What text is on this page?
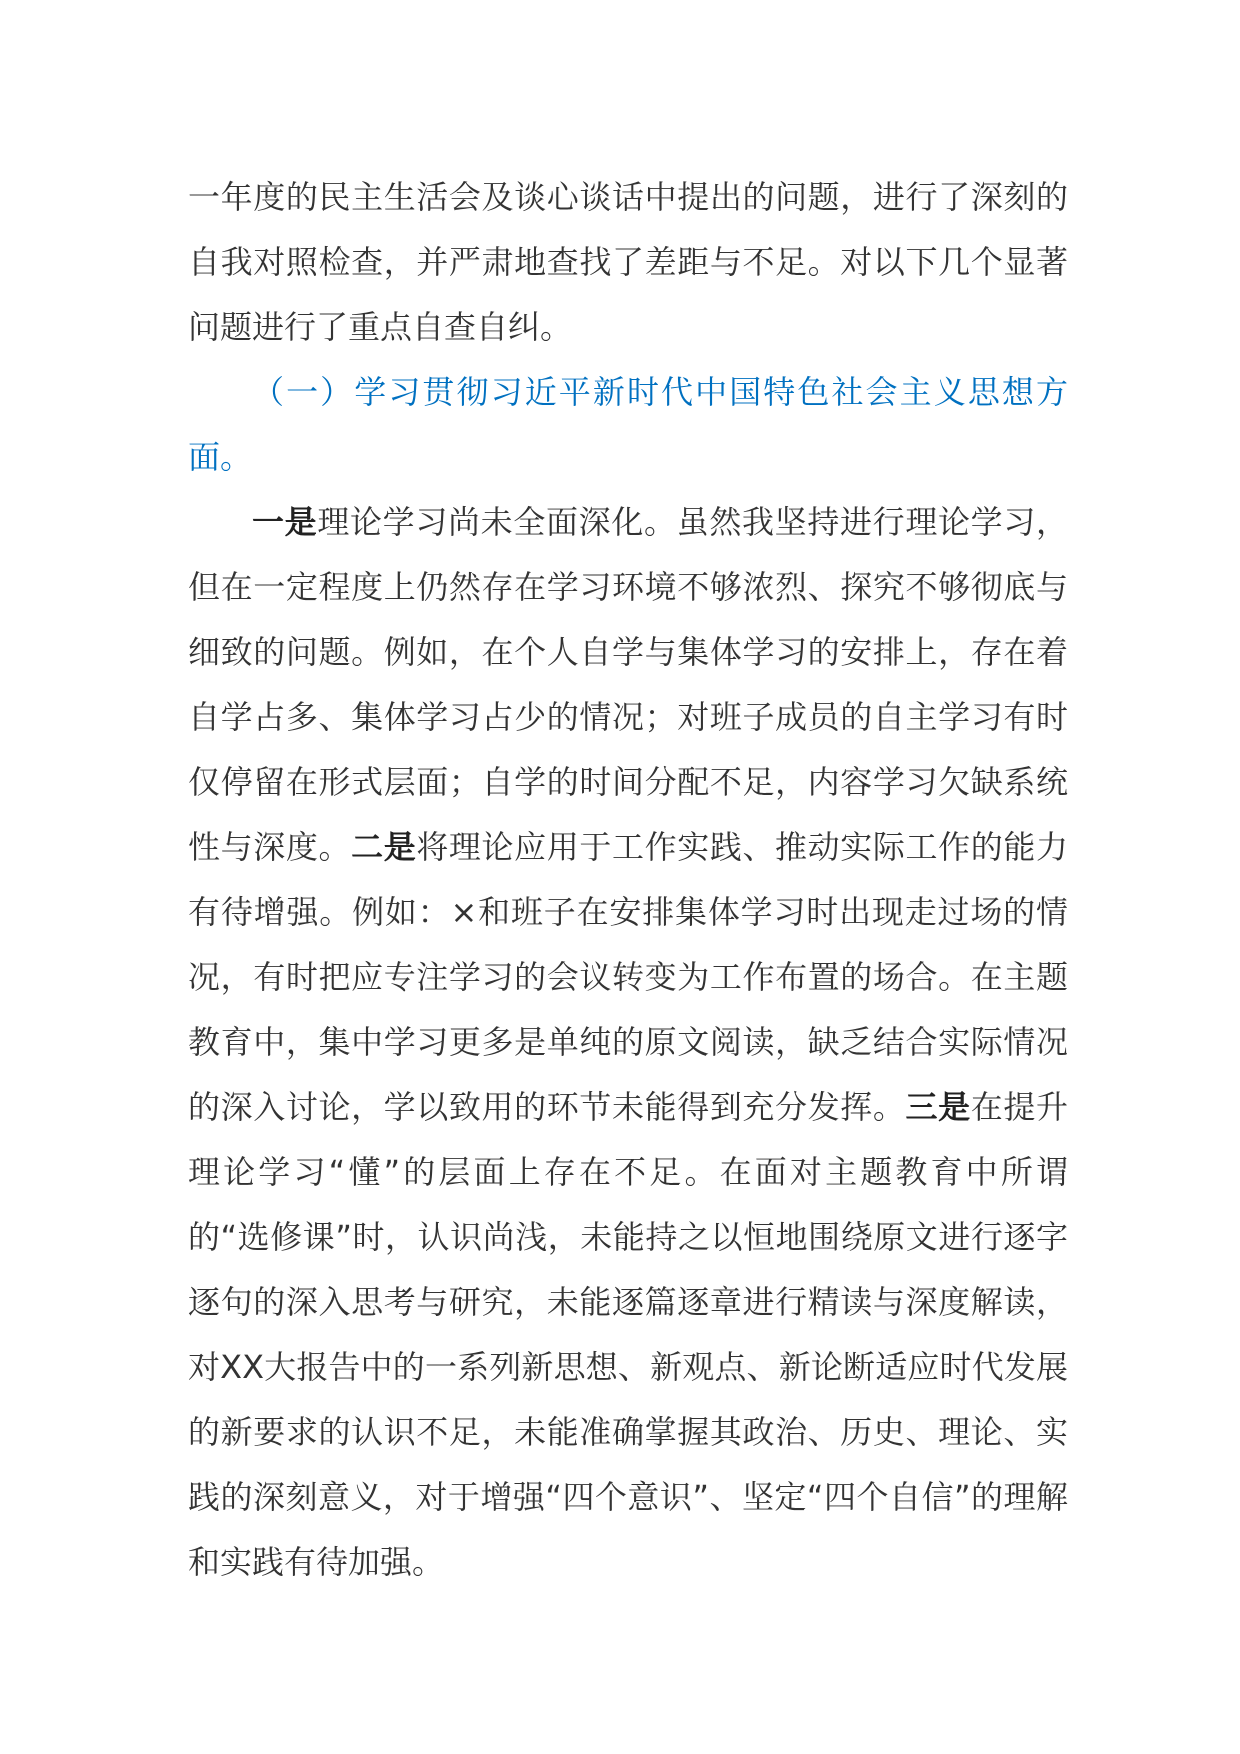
一年度的民主生活会及谈心谈话中提出的问题，进行了深刻的自我对照检查，并严肃地查找了差距与不足。对以下几个显著问题进行了重点自查自纠。

（一）学习贯彻习近平新时代中国特色社会主义思想方面。

一是理论学习尚未全面深化。虽然我坚持进行理论学习，但在一定程度上仍然存在学习环境不够浓烈、探究不够彻底与细致的问题。例如，在个人自学与集体学习的安排上，存在着自学占多、集体学习占少的情况；对班子成员的自主学习有时仅停留在形式层面；自学的时间分配不足，内容学习欠缺系统性与深度。二是将理论应用于工作实践、推动实际工作的能力有待增强。例如：×和班子在安排集体学习时出现走过场的情况，有时把应专注学习的会议转变为工作布置的场合。在主题教育中，集中学习更多是单纯的原文阅读，缺乏结合实际情况的深入讨论，学以致用的环节未能得到充分发挥。三是在提升理论学习“懂”的层面上存在不足。在面对主题教育中所谓的“选修课”时，认识尚浅，未能持之以恒地围绕原文进行逐字逐句的深入思考与研究，未能逐篇逐章进行精读与深度解读，对XX大报告中的一系列新思想、新观点、新论断适应时代发展的新要求的认识不足，未能准确掌握其政治、历史、理论、实践的深刻意义，对于增强“四个意识”、坚定“四个自信”的理解和实践有待加强。
